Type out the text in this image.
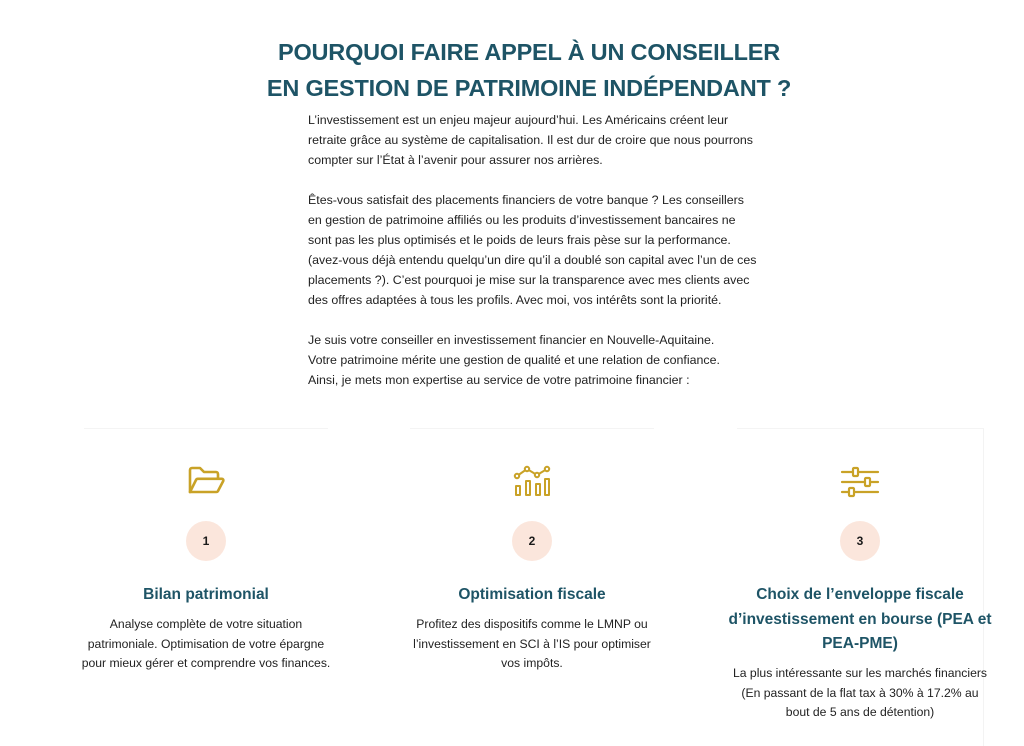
POURQUOI FAIRE APPEL À UN CONSEILLER
EN GESTION DE PATRIMOINE INDÉPENDANT ?

L’investissement est un enjeu majeur aujourd’hui. Les Américains créent leur retraite grâce au système de capitalisation. Il est dur de croire que nous pourrons compter sur l’État à l’avenir pour assurer nos arrières.

Êtes-vous satisfait des placements financiers de votre banque ? Les conseillers en gestion de patrimoine affiliés ou les produits d’investissement bancaires ne sont pas les plus optimisés et le poids de leurs frais pèse sur la performance. (avez-vous déjà entendu quelqu’un dire qu’il a doublé son capital avec l’un de ces placements ?). C’est pourquoi je mise sur la transparence avec mes clients avec des offres adaptées à tous les profils. Avec moi, vos intérêts sont la priorité.

Je suis votre conseiller en investissement financier en Nouvelle-Aquitaine.
Votre patrimoine mérite une gestion de qualité et une relation de confiance.
Ainsi, je mets mon expertise au service de votre patrimoine financier :

1
Bilan patrimonial

Analyse complète de votre situation patrimoniale. Optimisation de votre épargne pour mieux gérer et comprendre vos finances.

2
Optimisation fiscale

Profitez des dispositifs comme le LMNP ou l’investissement en SCI à l’IS pour optimiser vos impôts.

3
Choix de l’enveloppe fiscale d’investissement en bourse (PEA et PEA-PME)

La plus intéressante sur les marchés financiers (En passant de la flat tax à 30% à 17.2% au bout de 5 ans de détention)
